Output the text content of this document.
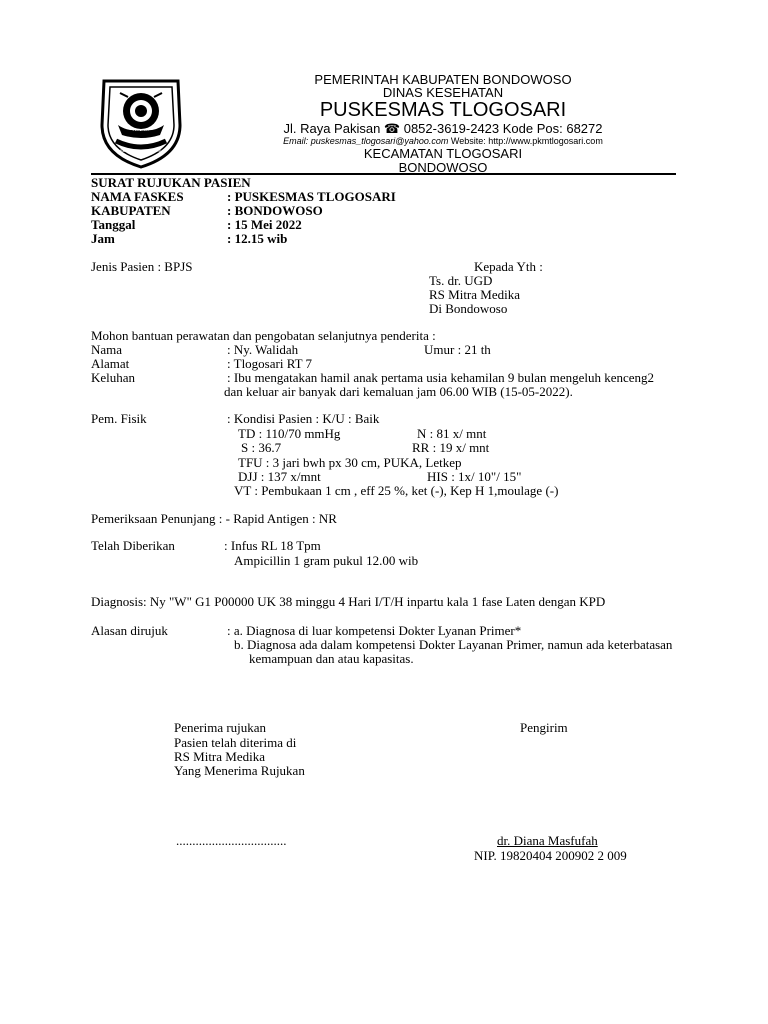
BONDOWOSO
BERSATU MEMBANGUN
PEMERINTAH KABUPATEN BONDOWOSO
DINAS KESEHATAN
PUSKESMAS TLOGOSARI
Jl. Raya Pakisan ☎ 0852-3619-2423 Kode Pos: 68272
Email: puskesmas_tlogosari@yahoo.com Website: http://www.pkmtlogosari.com
KECAMATAN TLOGOSARI
BONDOWOSO
SURAT RUJUKAN PASIEN
NAMA FASKES	: PUSKESMAS TLOGOSARI
KABUPATEN	: BONDOWOSO
Tanggal	: 15 Mei 2022
Jam	: 12.15 wib
Jenis Pasien : BPJS	Kepada Yth :
Ts. dr. UGD
RS Mitra Medika
Di Bondowoso
Mohon bantuan perawatan dan pengobatan selanjutnya penderita :
Nama	: Ny. Walidah	Umur : 21 th
Alamat	: Tlogosari RT 7
Keluhan	: Ibu mengatakan hamil anak pertama usia kehamilan 9 bulan mengeluh kenceng2
dan keluar air banyak dari kemaluan jam 06.00 WIB (15-05-2022).
Pem. Fisik	: Kondisi Pasien : K/U : Baik
TD : 110/70 mmHg	N : 81 x/ mnt
S : 36.7	RR : 19 x/ mnt
TFU : 3 jari bwh px 30 cm, PUKA, Letkep
DJJ : 137 x/mnt	HIS : 1x/ 10"/ 15"
VT : Pembukaan 1 cm , eff 25 %, ket (-), Kep H 1,moulage (-)
Pemeriksaan Penunjang : - Rapid Antigen : NR
Telah Diberikan	: Infus RL 18 Tpm
Ampicillin 1 gram pukul 12.00 wib
Diagnosis: Ny "W" G1 P00000 UK 38 minggu 4 Hari I/T/H inpartu kala 1 fase Laten dengan KPD
Alasan dirujuk	: a. Diagnosa di luar kompetensi Dokter Lyanan Primer*
b. Diagnosa ada dalam kompetensi Dokter Layanan Primer, namun ada keterbatasan
kemampuan dan atau kapasitas.
Penerima rujukan
Pasien telah diterima di
RS Mitra Medika
Yang Menerima Rujukan
Pengirim
..................................	dr. Diana Masfufah
NIP. 19820404 200902 2 009
